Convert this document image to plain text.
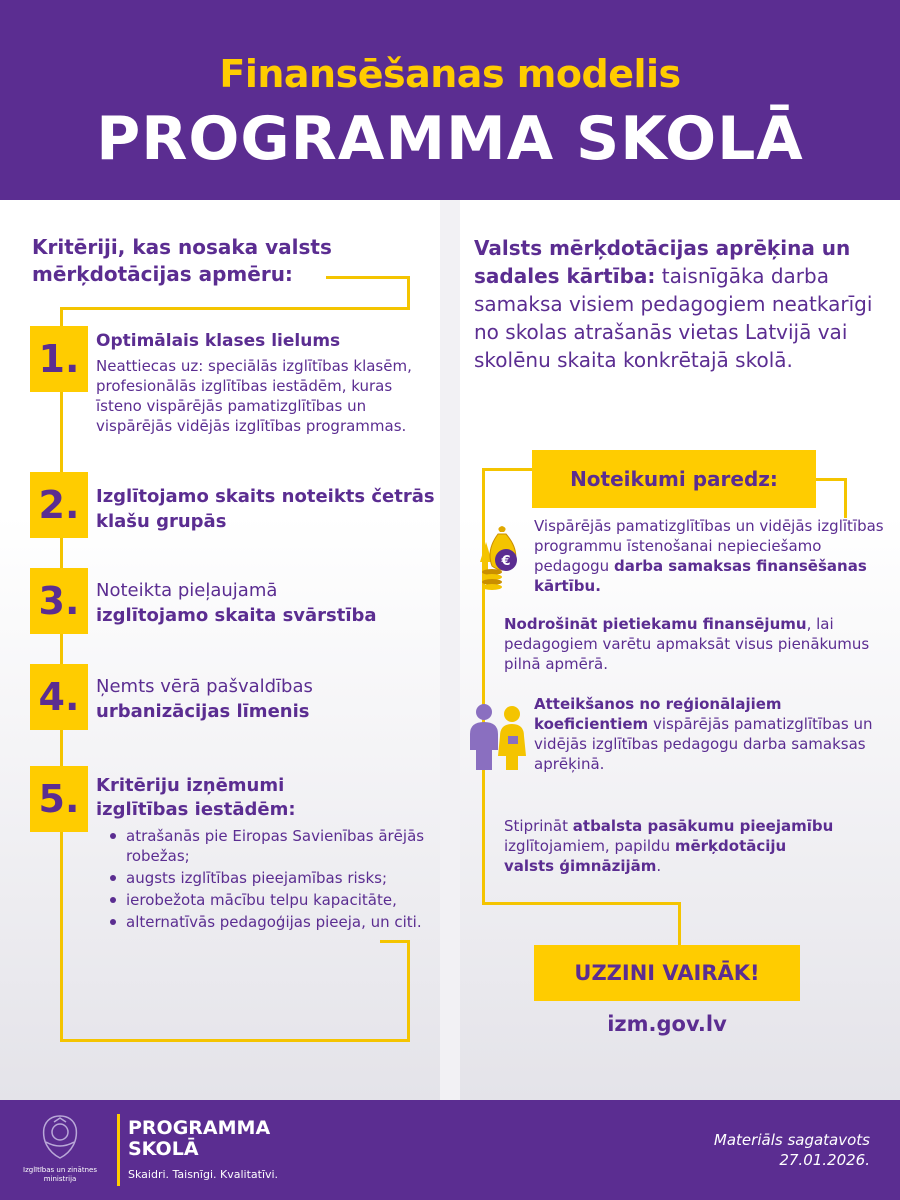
Finansēšanas modelis
PROGRAMMA SKOLĀ
Kritēriji, kas nosaka valsts mērķdotācijas apmēru:
1. Optimālais klases lielums
Neattiecas uz: speciālās izglītības klasēm, profesionālās izglītības iestādēm, kuras īsteno vispārējās pamatizglītības un vispārējās vidējās izglītības programmas.
2. Izglītojamo skaits noteikts četrās klašu grupās
3. Noteikta pieļaujamā
izglītojamo skaita svārstība
4. Ņemts vērā pašvaldības
urbanizācijas līmenis
5. Kritēriju izņēmumi izglītības iestādēm:
atrašanās pie Eiropas Savienības ārējās robežas;
augsts izglītības pieejamības risks;
ierobežota mācību telpu kapacitāte,
alternatīvās pedagoģijas pieeja, un citi.
Valsts mērķdotācijas aprēķina un sadales kārtība: taisnīgāka darba samaksa visiem pedagogiem neatkarīgi no skolas atrašanās vietas Latvijā vai skolēnu skaita konkrētajā skolā.
Noteikumi paredz:
€
Vispārējās pamatizglītības un vidējās izglītības programmu īstenošanai nepieciešamo pedagogu darba samaksas finansēšanas kārtību.
Nodrošināt pietiekamu finansējumu, lai pedagogiem varētu apmaksāt visus pienākumus pilnā apmērā.
Atteikšanos no reģionālajiem koeficientiem vispārējās pamatizglītības un vidējās izglītības pedagogu darba samaksas aprēķinā.
Stiprināt atbalsta pasākumu pieejamību izglītojamiem, papildu mērķdotāciju valsts ģimnāzijām.
UZZINI VAIRĀK!
izm.gov.lv
Izglītības un zinātnes ministrija
PROGRAMMA SKOLĀ
Skaidri. Taisnīgi. Kvalitatīvi.
Materiāls sagatavots
27.01.2026.
